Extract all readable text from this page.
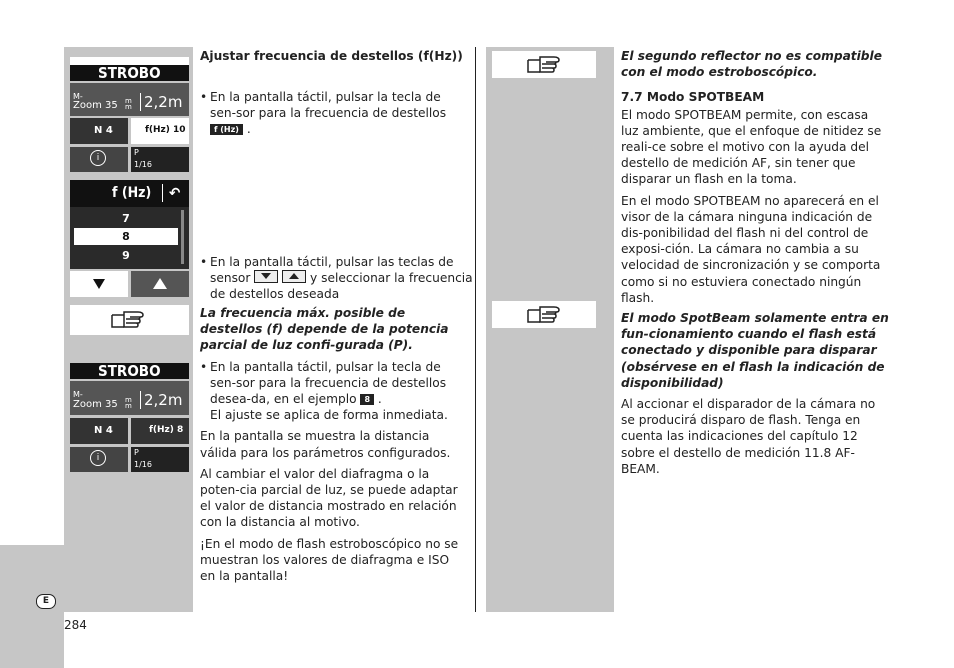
STROBO
M-
Zoom 35 m m 2,2m
N 4	f(Hz) 10
i
P
1/16
f (Hz)	↶
7
8
9
STROBO
M-
Zoom 35 m m 2,2m
N 4	f(Hz) 8
i
P
1/16

Ajustar frecuencia de destellos (f(Hz))

• En la pantalla táctil, pulsar la tecla de sen-sor para la frecuencia de destellos f (Hz) .
• En la pantalla táctil, pulsar las teclas de sensor
	y seleccionar la frecuencia de destellos deseada

La frecuencia máx. posible de destellos (f) depende de la potencia parcial de luz confi-gurada (P).

• En la pantalla táctil, pulsar la tecla de sen-sor para la frecuencia de destellos desea-da, en el ejemplo 8 .
El ajuste se aplica de forma inmediata.

En la pantalla se muestra la distancia válida para los parámetros configurados.

Al cambiar el valor del diafragma o la poten-cia parcial de luz, se puede adaptar el valor de distancia mostrado en relación con la distancia al motivo.

¡En el modo de flash estroboscópico no se muestran los valores de diafragma e ISO en la pantalla!

El segundo reflector no es compatible con el modo estroboscópico.

7.7 Modo SPOTBEAM

El modo SPOTBEAM permite, con escasa luz ambiente, que el enfoque de nitidez se reali-ce sobre el motivo con la ayuda del destello de medición AF, sin tener que disparar un flash en la toma.

En el modo SPOTBEAM no aparecerá en el visor de la cámara ninguna indicación de dis-ponibilidad del flash ni del control de exposi-ción. La cámara no cambia a su velocidad de sincronización y se comporta como si no estuviera conectado ningún flash.

El modo SpotBeam solamente entra en fun-cionamiento cuando el flash está conectado y disponible para disparar (obsérvese en el flash la indicación de disponibilidad)

Al accionar el disparador de la cámara no se producirá disparo de flash. Tenga en cuenta las indicaciones del capítulo 12 sobre el destello de medición 11.8 AF-BEAM.

E
284
